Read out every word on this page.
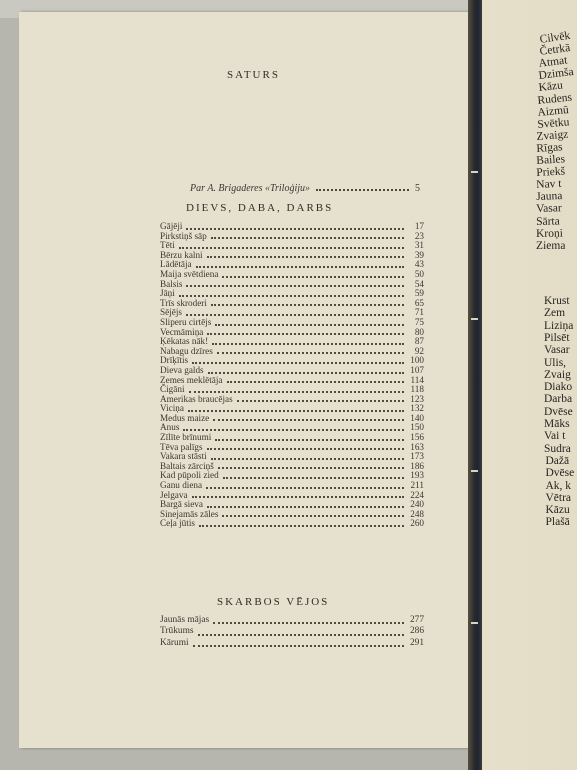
SATURS
Par A. Brigaderes «Triloģiju»	5
DIEVS, DABA, DARBS
Gājēji	17
Pirkstiņš sāp	23
Tēti	31
Bērzu kalni	39
Lādētāja	43
Maija svētdiena	50
Balsis	54
Jāņi	59
Trīs skroderi	65
Sējējs	71
Sliperu cirtējs	75
Vecmāmiņa	80
Ķēkatas nāk!	87
Nabagu dzīres	92
Drīķītis	100
Dieva galds	107
Zemes meklētāja	114
Čigāni	118
Amerikas braucējas	123
Viciņa	132
Medus maize	140
Anus	150
Zīlīte brīnumi	156
Tēva palīgs	163
Vakara stāsti	173
Baltais zārciņš	186
Kad pūpoli zied	193
Ganu diena	211
Jelgava	224
Bargā sieva	240
Sinejamās zāles	248
Ceļa jūtis	260
SKARBOS VĒJOS
Jaunās mājas	277
Trūkums	286
Kārumi	291
Cilvēk
Četrkā
Atmat
Dzimša
Kāzu
Rudens
Aizmū
Svētku
Zvaigz
Rīgas
Bailes
Priekš
Nav t
Jauna
Vasar
Sārta
Kroņi
Ziema
Krust
Zem
Liziņa
Pilsēt
Vasar
Ulis,
Zvaig
Diako
Darba
Dvēse
Māks
Vai t
Sudra
Dažā
Dvēse
Ak, k
Vētra
Kāzu
Plašā
